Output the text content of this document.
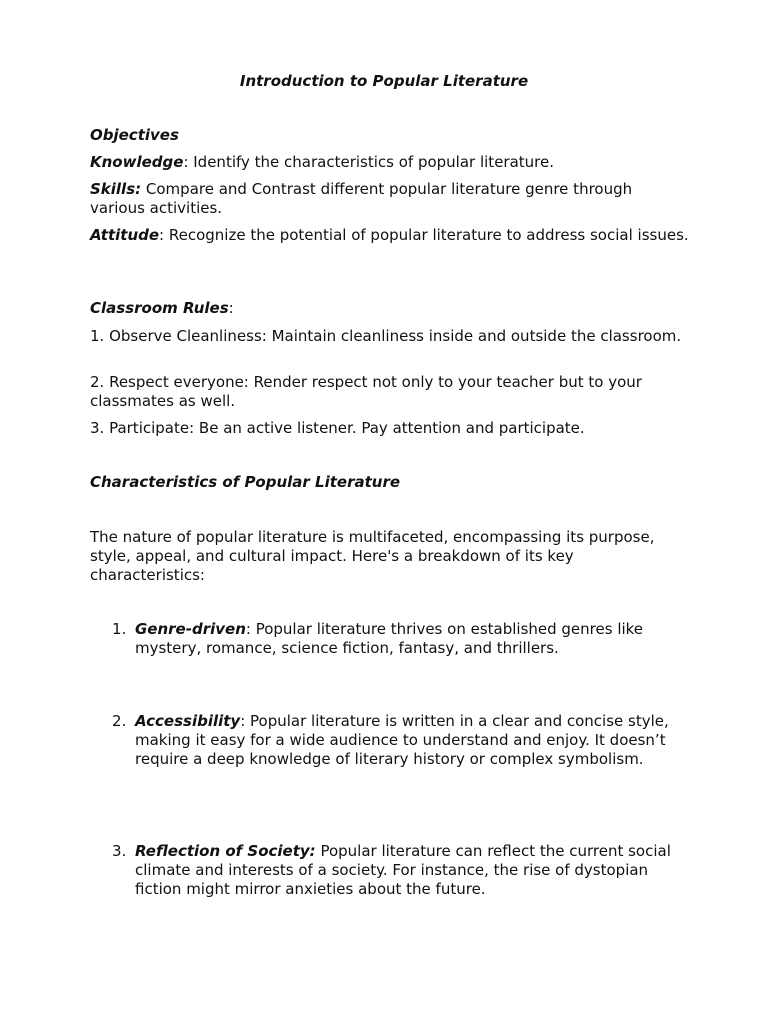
Introduction to Popular Literature

Objectives

Knowledge: Identify the characteristics of popular literature.

Skills: Compare and Contrast different popular literature genre through various activities.

Attitude: Recognize the potential of popular literature to address social issues.

Classroom Rules:

1. Observe Cleanliness: Maintain cleanliness inside and outside the classroom.

2. Respect everyone: Render respect not only to your teacher but to your classmates as well.

3. Participate: Be an active listener. Pay attention and participate.

Characteristics of Popular Literature

The nature of popular literature is multifaceted, encompassing its purpose, style, appeal, and cultural impact. Here's a breakdown of its key characteristics:

1. Genre-driven: Popular literature thrives on established genres like mystery, romance, science fiction, fantasy, and thrillers.
2. Accessibility: Popular literature is written in a clear and concise style, making it easy for a wide audience to understand and enjoy. It doesn’t require a deep knowledge of literary history or complex symbolism.
3. Reflection of Society: Popular literature can reflect the current social climate and interests of a society. For instance, the rise of dystopian fiction might mirror anxieties about the future.
